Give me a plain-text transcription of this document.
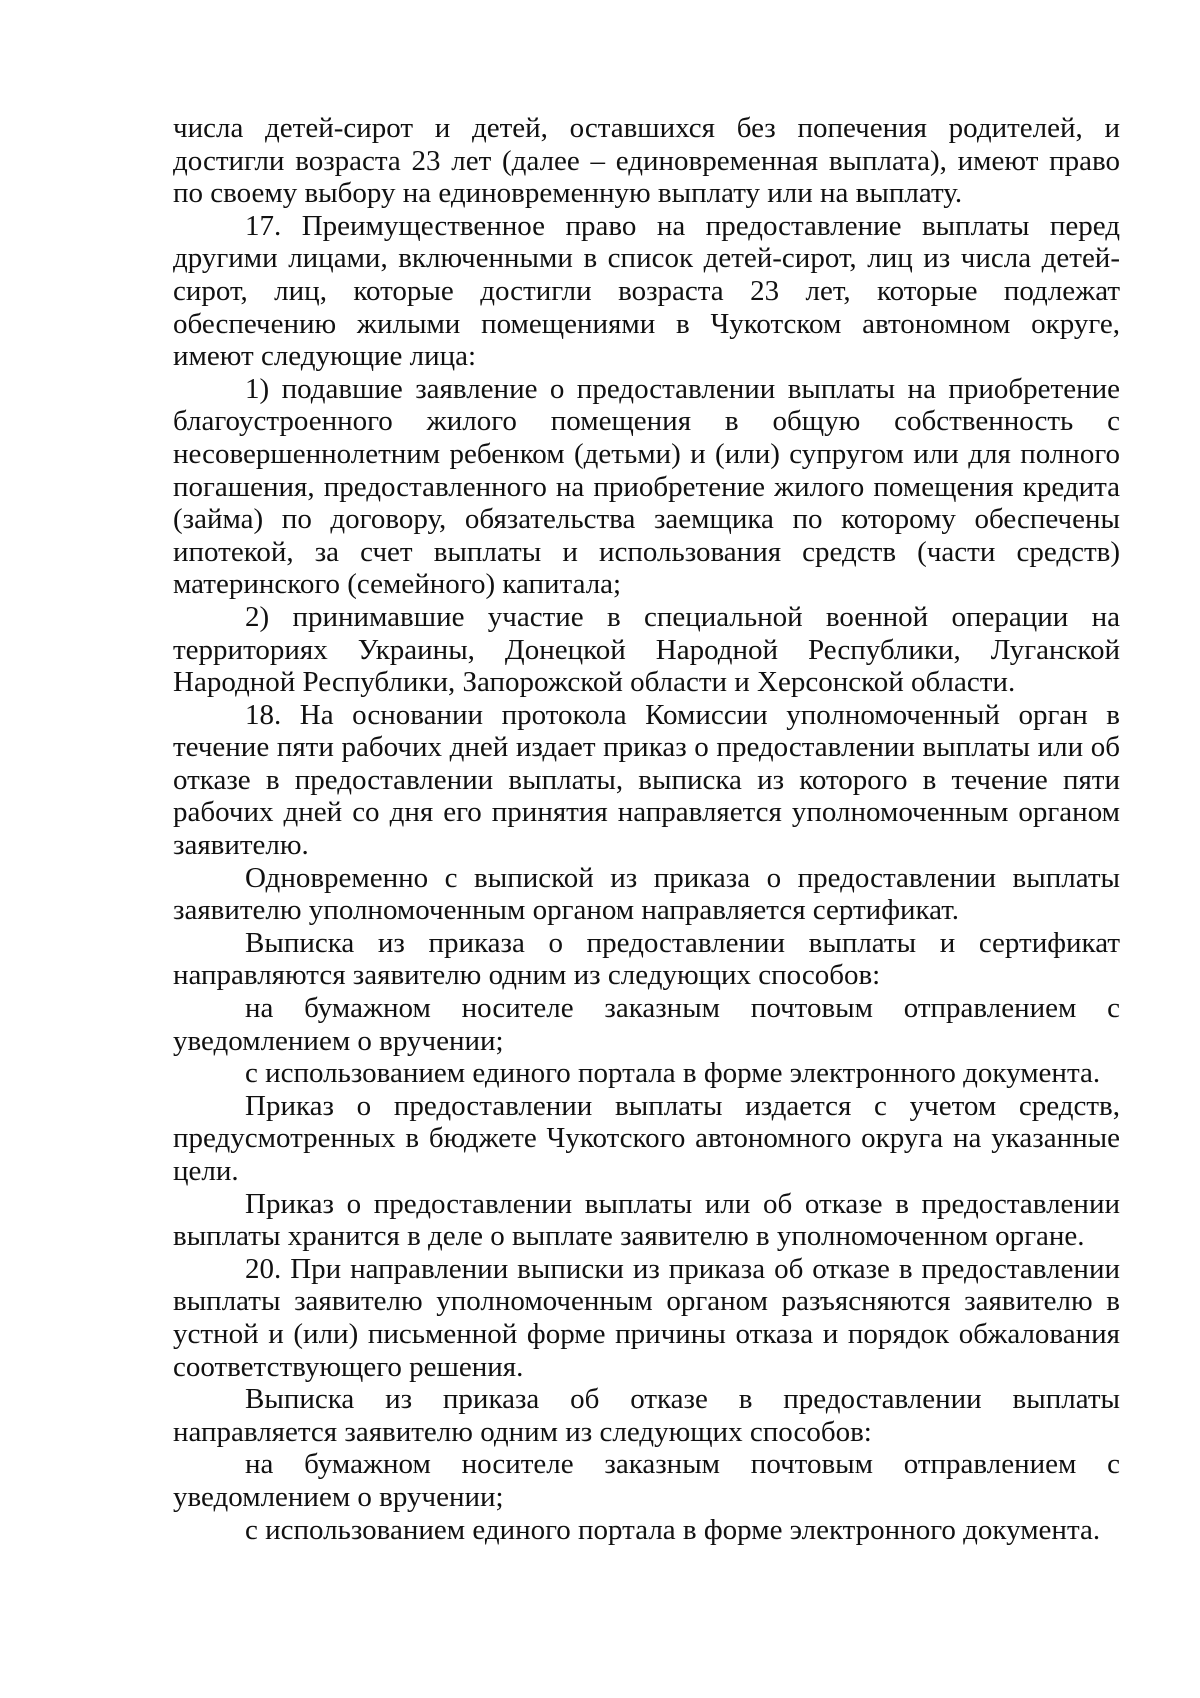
числа детей-сирот и детей, оставшихся без попечения родителей, и достигли возраста 23 лет (далее – единовременная выплата), имеют право по своему выбору на единовременную выплату или на выплату.

17. Преимущественное право на предоставление выплаты перед другими лицами, включенными в список детей-сирот, лиц из числа детей-сирот, лиц, которые достигли возраста 23 лет, которые подлежат обеспечению жилыми помещениями в Чукотском автономном округе, имеют следующие лица:

1) подавшие заявление о предоставлении выплаты на приобретение благоустроенного жилого помещения в общую собственность с несовершеннолетним ребенком (детьми) и (или) супругом или для полного погашения, предоставленного на приобретение жилого помещения кредита (займа) по договору, обязательства заемщика по которому обеспечены ипотекой, за счет выплаты и использования средств (части средств) материнского (семейного) капитала;

2) принимавшие участие в специальной военной операции на территориях Украины, Донецкой Народной Республики, Луганской Народной Республики, Запорожской области и Херсонской области.

18. На основании протокола Комиссии уполномоченный орган в течение пяти рабочих дней издает приказ о предоставлении выплаты или об отказе в предоставлении выплаты, выписка из которого в течение пяти рабочих дней со дня его принятия направляется уполномоченным органом заявителю.

Одновременно с выпиской из приказа о предоставлении выплаты заявителю уполномоченным органом направляется сертификат.

Выписка из приказа о предоставлении выплаты и сертификат направляются заявителю одним из следующих способов:

на бумажном носителе заказным почтовым отправлением с уведомлением о вручении;

с использованием единого портала в форме электронного документа.

Приказ о предоставлении выплаты издается с учетом средств, предусмотренных в бюджете Чукотского автономного округа на указанные цели.

Приказ о предоставлении выплаты или об отказе в предоставлении выплаты хранится в деле о выплате заявителю в уполномоченном органе.

20. При направлении выписки из приказа об отказе в предоставлении выплаты заявителю уполномоченным органом разъясняются заявителю в устной и (или) письменной форме причины отказа и порядок обжалования соответствующего решения.

Выписка из приказа об отказе в предоставлении выплаты направляется заявителю одним из следующих способов:

на бумажном носителе заказным почтовым отправлением с уведомлением о вручении;

с использованием единого портала в форме электронного документа.
